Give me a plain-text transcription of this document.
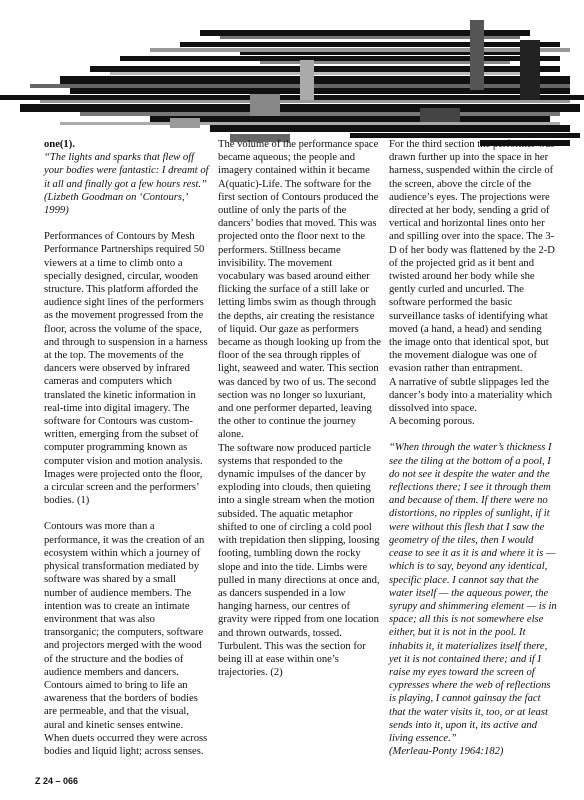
one(1).

“The lights and sparks that flew off your bodies were fantastic: I dreamt of it all and finally got a few hours rest.” (Lizbeth Goodman on ‘Contours,’ 1999)

Performances of Contours by Mesh Performance Partnerships required 50 viewers at a time to climb onto a specially designed, circular, wooden structure. This platform afforded the audience sight lines of the performers as the movement progressed from the floor, across the volume of the space, and through to suspension in a harness at the top. The movements of the dancers were observed by infrared cameras and computers which translated the kinetic information in real-time into digital imagery. The software for Contours was custom-written, emerging from the subset of computer programming known as computer vision and motion analysis. Images were projected onto the floor, a circular screen and the performers’ bodies. (1)

Contours was more than a performance, it was the creation of an ecosystem within which a journey of physical transformation mediated by software was shared by a small number of audience members. The intention was to create an intimate environment that was also transorganic; the computers, software and projectors merged with the wood of the structure and the bodies of audience members and dancers. Contours aimed to bring to life an awareness that the borders of bodies are permeable, and that the visual, aural and kinetic senses entwine. When duets occurred they were across bodies and liquid light; across senses.

The volume of the performance space became aqueous; the people and imagery contained within it became A(quatic)-Life. The software for the first section of Contours produced the outline of only the parts of the dancers’ bodies that moved. This was projected onto the floor next to the performers. Stillness became invisibility. The movement vocabulary was based around either flicking the surface of a still lake or letting limbs swim as though through the depths, air creating the resistance of liquid. Our gaze as performers became as though looking up from the floor of the sea through ripples of light, seaweed and water. This section was danced by two of us. The second section was no longer so luxuriant, and one performer departed, leaving the other to continue the journey alone.

The software now produced particle systems that responded to the dynamic impulses of the dancer by exploding into clouds, then quieting into a single stream when the motion subsided. The aquatic metaphor shifted to one of circling a cold pool with trepidation then slipping, loosing footing, tumbling down the rocky slope and into the tide. Limbs were pulled in many directions at once and, as dancers suspended in a low hanging harness, our centres of gravity were ripped from one location and thrown outwards, tossed. Turbulent. This was the section for being ill at ease within one’s trajectories. (2)

For the third section the performer was drawn further up into the space in her harness, suspended within the circle of the screen, above the circle of the audience’s eyes. The projections were directed at her body, sending a grid of vertical and horizontal lines onto her and spilling over into the space. The 3-D of her body was flattened by the 2-D of the projected grid as it bent and twisted around her body while she gently curled and uncurled. The software performed the basic surveillance tasks of identifying what moved (a hand, a head) and sending the image onto that identical spot, but the movement dialogue was one of evasion rather than entrapment.

A narrative of subtle slippages led the dancer’s body into a materiality which dissolved into space.

A becoming porous.

“When through the water’s thickness I see the tiling at the bottom of a pool, I do not see it despite the water and the reflections there; I see it through them and because of them. If there were no distortions, no ripples of sunlight, if it were without this flesh that I saw the geometry of the tiles, then I would cease to see it as it is and where it is — which is to say, beyond any identical, specific place. I cannot say that the water itself — the aqueous power, the syrupy and shimmering element — is in space; all this is not somewhere else either, but it is not in the pool. It inhabits it, it materializes itself there, yet it is not contained there; and if I raise my eyes toward the screen of cypresses where the web of reflections is playing, I cannot gainsay the fact that the water visits it, too, or at least sends into it, upon it, its active and living essence.”

(Merleau-Ponty 1964:182)

Z 24 – 066
